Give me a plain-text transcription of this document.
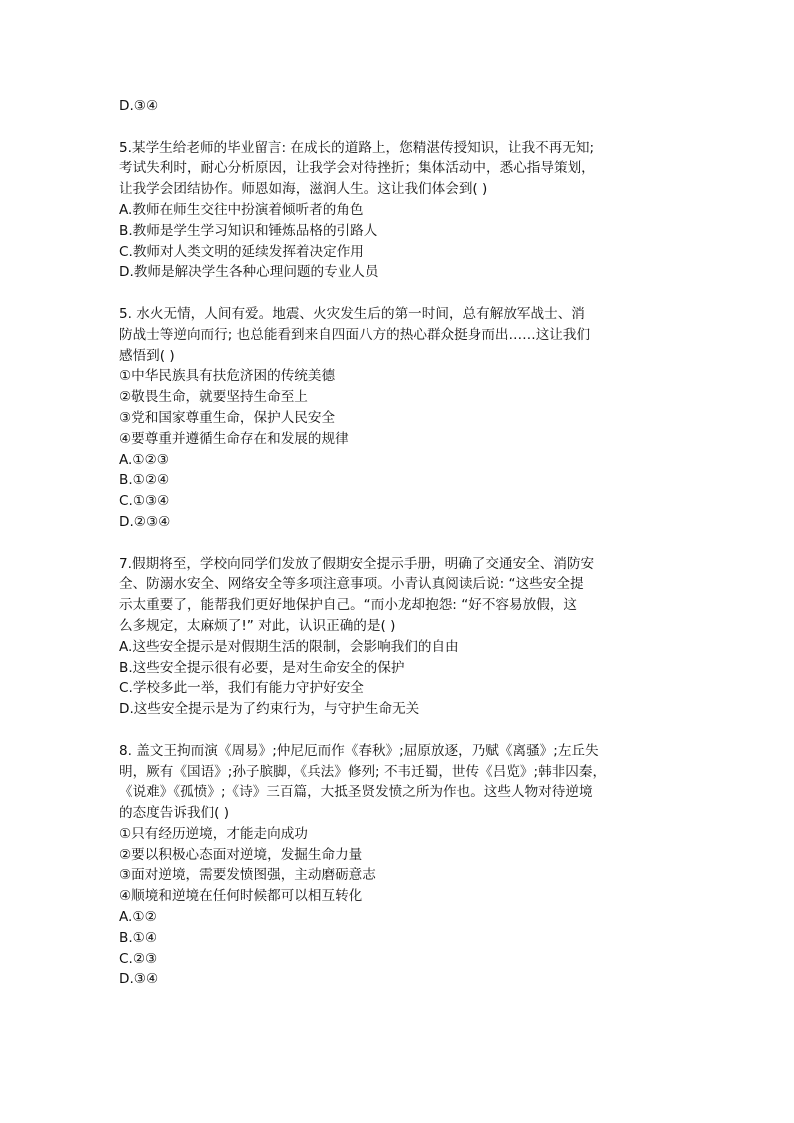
D.③④
5.某学生给老师的毕业留言: 在成长的道路上，您精湛传授知识，让我不再无知;
考试失利时，耐心分析原因，让我学会对待挫折；集体活动中，悉心指导策划，
让我学会团结协作。师恩如海，滋润人生。这让我们体会到( )
A.教师在师生交往中扮演着倾听者的角色
B.教师是学生学习知识和锤炼品格的引路人
C.教师对人类文明的延续发挥着决定作用
D.教师是解决学生各种心理问题的专业人员
5. 水火无情，人间有爱。地震、火灾发生后的第一时间，总有解放军战士、消
防战士等逆向而行; 也总能看到来自四面八方的热心群众挺身而出……这让我们
感悟到( )
①中华民族具有扶危济困的传统美德
②敬畏生命，就要坚持生命至上
③党和国家尊重生命，保护人民安全
④要尊重并遵循生命存在和发展的规律
A.①②③
B.①②④
C.①③④
D.②③④
7.假期将至，学校向同学们发放了假期安全提示手册，明确了交通安全、消防安
全、防溺水安全、网络安全等多项注意事项。小青认真阅读后说: “这些安全提
示太重要了，能帮我们更好地保护自己。“而小龙却抱怨: “好不容易放假，这
么多规定，太麻烦了!” 对此，认识正确的是( )
A.这些安全提示是对假期生活的限制，会影响我们的自由
B.这些安全提示很有必要，是对生命安全的保护
C.学校多此一举，我们有能力守护好安全
D.这些安全提示是为了约束行为，与守护生命无关
8. 盖文王拘而演《周易》;仲尼厄而作《春秋》;屈原放逐，乃赋《离骚》;左丘失
明，厥有《国语》;孙子膑脚，《兵法》修列; 不韦迁蜀，世传《吕览》;韩非囚秦，
《说难》《孤愤》;《诗》三百篇，大抵圣贤发愤之所为作也。这些人物对待逆境
的态度告诉我们( )
①只有经历逆境，才能走向成功
②要以积极心态面对逆境，发掘生命力量
③面对逆境，需要发愤图强，主动磨砺意志
④顺境和逆境在任何时候都可以相互转化
A.①②
B.①④
C.②③
D.③④
